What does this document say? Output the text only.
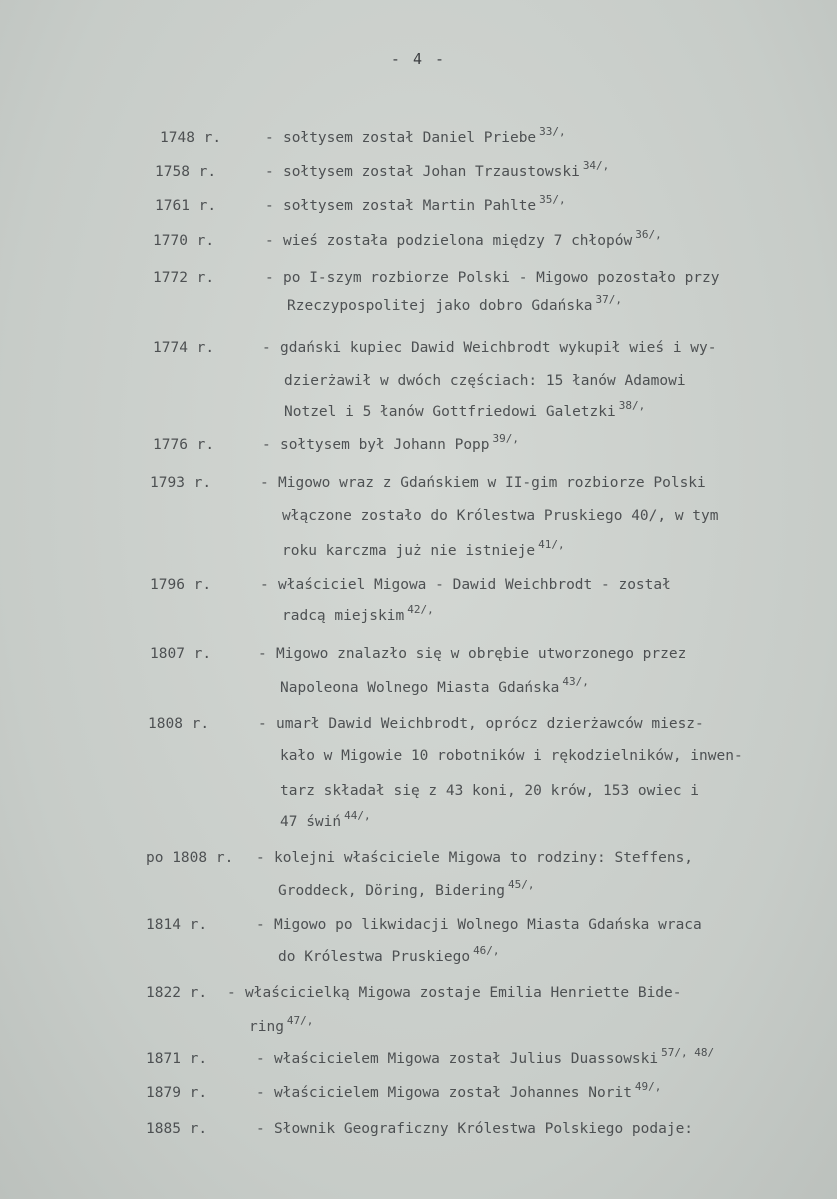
- 4 -
1748 r.	- sołtysem został Daniel Priebe $^{33/,}$
1758 r.	- sołtysem został Johan Trzaustowski $^{34/,}$
1761 r.	- sołtysem został Martin Pahlte $^{35/,}$
1770 r.	- wieś została podzielona między 7 chłopów $^{36/,}$
1772 r.	- po I-szym rozbiorze Polski - Migowo pozostało przy
Rzeczypospolitej jako dobro Gdańska $^{37/,}$
1774 r.	- gdański kupiec Dawid Weichbrodt wykupił wieś i wy-
dzierżawił w dwóch częściach: 15 łanów Adamowi
Notzel i 5 łanów Gottfriedowi Galetzki $^{38/,}$
1776 r.	- sołtysem był Johann Popp $^{39/,}$
1793 r.	- Migowo wraz z Gdańskiem w II-gim rozbiorze Polski
włączone zostało do Królestwa Pruskiego 40/, w tym
roku karczma już nie istnieje $^{41/,}$
1796 r.	- właściciel Migowa - Dawid Weichbrodt - został
radcą miejskim $^{42/,}$
1807 r.	- Migowo znalazło się w obrębie utworzonego przez
Napoleona Wolnego Miasta Gdańska $^{43/,}$
1808 r.	- umarł Dawid Weichbrodt, oprócz dzierżawców miesz-
kało w Migowie 10 robotników i rękodzielników, inwen-
tarz składał się z 43 koni, 20 krów, 153 owiec i
47 świń $^{44/,}$
po 1808 r. - kolejni właściciele Migowa to rodziny: Steffens,
Groddeck, Döring, Bidering $^{45/,}$
1814 r.	- Migowo po likwidacji Wolnego Miasta Gdańska wraca
do Królestwa Pruskiego $^{46/,}$
1822 r. - właścicielką Migowa zostaje Emilia Henriette Bide-
ring $^{47/,}$
1871 r.	- właścicielem Migowa został Julius Duassowski $^{57/, 48/}$
1879 r.	- właścicielem Migowa został Johannes Norit $^{49/,}$
1885 r.	- Słownik Geograficzny Królestwa Polskiego podaje:
